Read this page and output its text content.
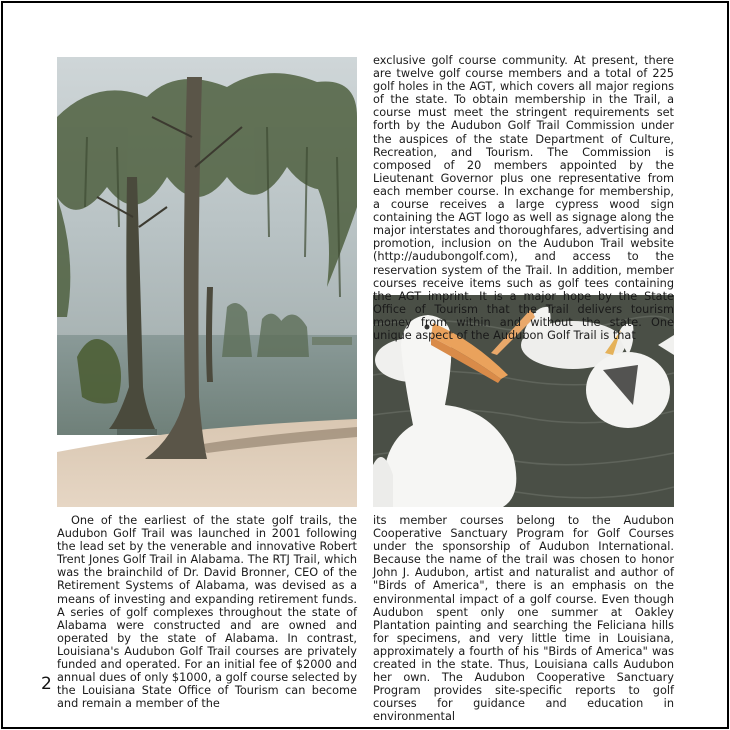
exclusive golf course community. At present, there are twelve golf course members and a total of 225 golf holes in the AGT, which covers all major regions of the state. To obtain membership in the Trail, a course must meet the stringent requirements set forth by the Audubon Golf Trail Commission under the auspices of the state Department of Culture, Recreation, and Tourism. The Commission is composed of 20 members appointed by the Lieutenant Governor plus one representative from each member course. In exchange for membership, a course receives a large cypress wood sign containing the AGT logo as well as signage along the major interstates and thoroughfares, advertising and promotion, inclusion on the Audubon Trail website (http://audubongolf.com), and access to the reservation system of the Trail. In addition, member courses receive items such as golf tees containing the AGT imprint. It is a major hope by the State Office of Tourism that the Trail delivers tourism money from within and without the state. One unique aspect of the Audubon Golf Trail is that

One of the earliest of the state golf trails, the Audubon Golf Trail was launched in 2001 following the lead set by the venerable and innovative Robert Trent Jones Golf Trail in Alabama. The RTJ Trail, which was the brainchild of Dr. David Bronner, CEO of the Retirement Systems of Alabama, was devised as a means of investing and expanding retirement funds. A series of golf complexes throughout the state of Alabama were constructed and are owned and operated by the state of Alabama. In contrast, Louisiana's Audubon Golf Trail courses are privately funded and operated. For an initial fee of $2000 and annual dues of only $1000, a golf course selected by the Louisiana State Office of Tourism can become and remain a member of the

its member courses belong to the Audubon Cooperative Sanctuary Program for Golf Courses under the sponsorship of Audubon International. Because the name of the trail was chosen to honor John J. Audubon, artist and naturalist and author of "Birds of America", there is an emphasis on the environmental impact of a golf course. Even though Audubon spent only one summer at Oakley Plantation painting and searching the Feliciana hills for specimens, and very little time in Louisiana, approximately a fourth of his "Birds of America" was created in the state. Thus, Louisiana calls Audubon her own. The Audubon Cooperative Sanctuary Program provides site-specific reports to golf courses for guidance and education in environmental

2
